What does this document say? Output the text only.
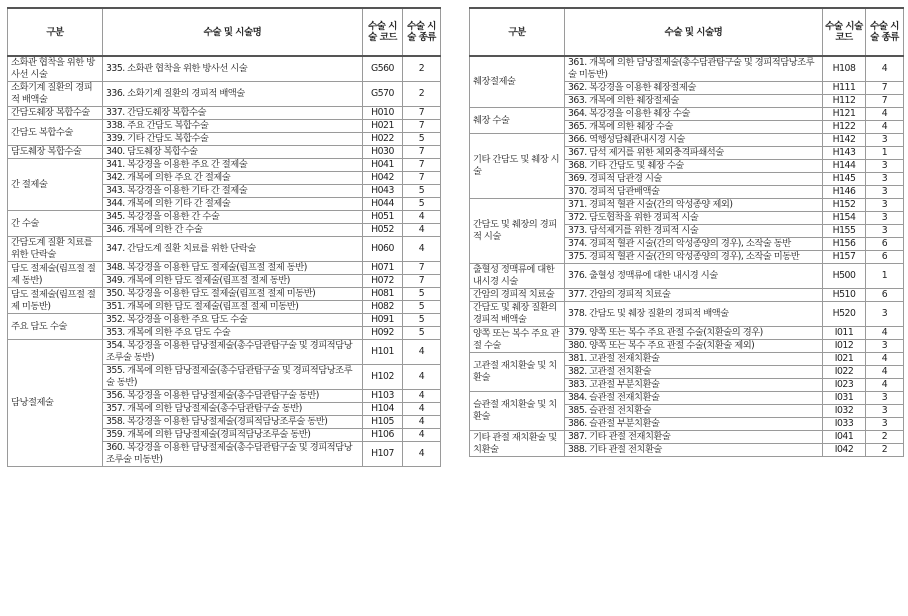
구분	수술 및 시술명	수술 시술 코드	수술 시술 종류
소화관 협착을 위한 방사선 시술	335. 소화관 협착을 위한 방사선 시술	G560	2
소화기계 질환의 경피적 배액술	336. 소화기계 질환의 경피적 배액술	G570	2
간담도췌장 복합수술	337. 간담도췌장 복합수술	H010	7
간담도 복합수술	338. 주요 간담도 복합수술	H021	7
	339. 기타 간담도 복합수술	H022	5
담도췌장 복합수술	340. 담도췌장 복합수술	H030	7
간 절제술	341. 복강경을 이용한 주요 간 절제술	H041	7
	342. 개복에 의한 주요 간 절제술	H042	7
	343. 복강경을 이용한 기타 간 절제술	H043	5
	344. 개복에 의한 기타 간 절제술	H044	5
간 수술	345. 복강경을 이용한 간 수술	H051	4
	346. 개복에 의한 간 수술	H052	4
간담도계 질환 치료를 위한 단락술	347. 간담도계 질환 치료를 위한 단락술	H060	4
담도 절제술(림프절 절제 동반)	348. 복강경을 이용한 담도 절제술(림프절 절제 동반)	H071	7
	349. 개복에 의한 담도 절제술(림프절 절제 동반)	H072	7
담도 절제술(림프절 절제 미동반)	350. 복강경을 이용한 담도 절제술(림프절 절제 미동반)	H081	5
	351. 개복에 의한 담도 절제술(림프절 절제 미동반)	H082	5
주요 담도 수술	352. 복강경을 이용한 주요 담도 수술	H091	5
	353. 개복에 의한 주요 담도 수술	H092	5
담낭절제술	354. 복강경을 이용한 담낭절제술(총수담관탐구술 및 경피적담낭조루술 동반)	H101	4
	355. 개복에 의한 담낭절제술(총수담관탐구술 및 경피적담낭조루술 동반)	H102	4
	356. 복강경을 이용한 담낭절제술(총수담관탐구술 동반)	H103	4
	357. 개복에 의한 담낭절제술(총수담관탐구술 동반)	H104	4
	358. 복강경을 이용한 담낭절제술(경피적담낭조루술 동반)	H105	4
	359. 개복에 의한 담낭절제술(경피적담낭조루술 동반)	H106	4
	360. 복강경을 이용한 담낭절제술(총수담관탐구술 및 경피적담낭조루술 미동반)	H107	4
구분	수술 및 시술명	수술 시술 코드	수술 시술 종류
췌장절제술	361. 개복에 의한 담낭절제술(총수담관탐구술 및 경피적담낭조루술 미동반)	H108	4
	362. 복강경을 이용한 췌장절제술	H111	7
	363. 개복에 의한 췌장절제술	H112	7
췌장 수술	364. 복강경을 이용한 췌장 수술	H121	4
	365. 개복에 의한 췌장 수술	H122	4
기타 간담도 및 췌장 시술	366. 역행성담췌관내시경 시술	H142	3
	367. 담석 제거를 위한 체외충격파쇄석술	H143	1
	368. 기타 간담도 및 췌장 수술	H144	3
	369. 경피적 담관경 시술	H145	3
	370. 경피적 담관배액술	H146	3
간담도 및 췌장의 경피적 시술	371. 경피적 혈관 시술(간의 악성종양 제외)	H152	3
	372. 담도협착을 위한 경피적 시술	H154	3
	373. 담석제거를 위한 경피적 시술	H155	3
	374. 경피적 혈관 시술(간의 악성종양의 경우), 소작술 동반	H156	6
	375. 경피적 혈관 시술(간의 악성종양의 경우), 소작술 미동반	H157	6
출혈성 정맥류에 대한 내시경 시술	376. 출혈성 정맥류에 대한 내시경 시술	H500	1
간암의 경피적 치료술	377. 간암의 경피적 치료술	H510	6
간담도 및 췌장 질환의 경피적 배액술	378. 간담도 및 췌장 질환의 경피적 배액술	H520	3
양쪽 또는 복수 주요 관절 수술	379. 양쪽 또는 복수 주요 관절 수술(치환술의 경우)	I011	4
	380. 양쪽 또는 복수 주요 관절 수술(치환술 제외)	I012	3
고관절 재치환술 및 치환술	381. 고관절 전재치환술	I021	4
	382. 고관절 전치환술	I022	4
	383. 고관절 부분치환술	I023	4
슬관절 재치환술 및 치환술	384. 슬관절 전재치환술	I031	3
	385. 슬관절 전치환술	I032	3
	386. 슬관절 부분치환술	I033	3
기타 관절 재치환술 및 치환술	387. 기타 관절 전재치환술	I041	2
	388. 기타 관절 전치환술	I042	2
